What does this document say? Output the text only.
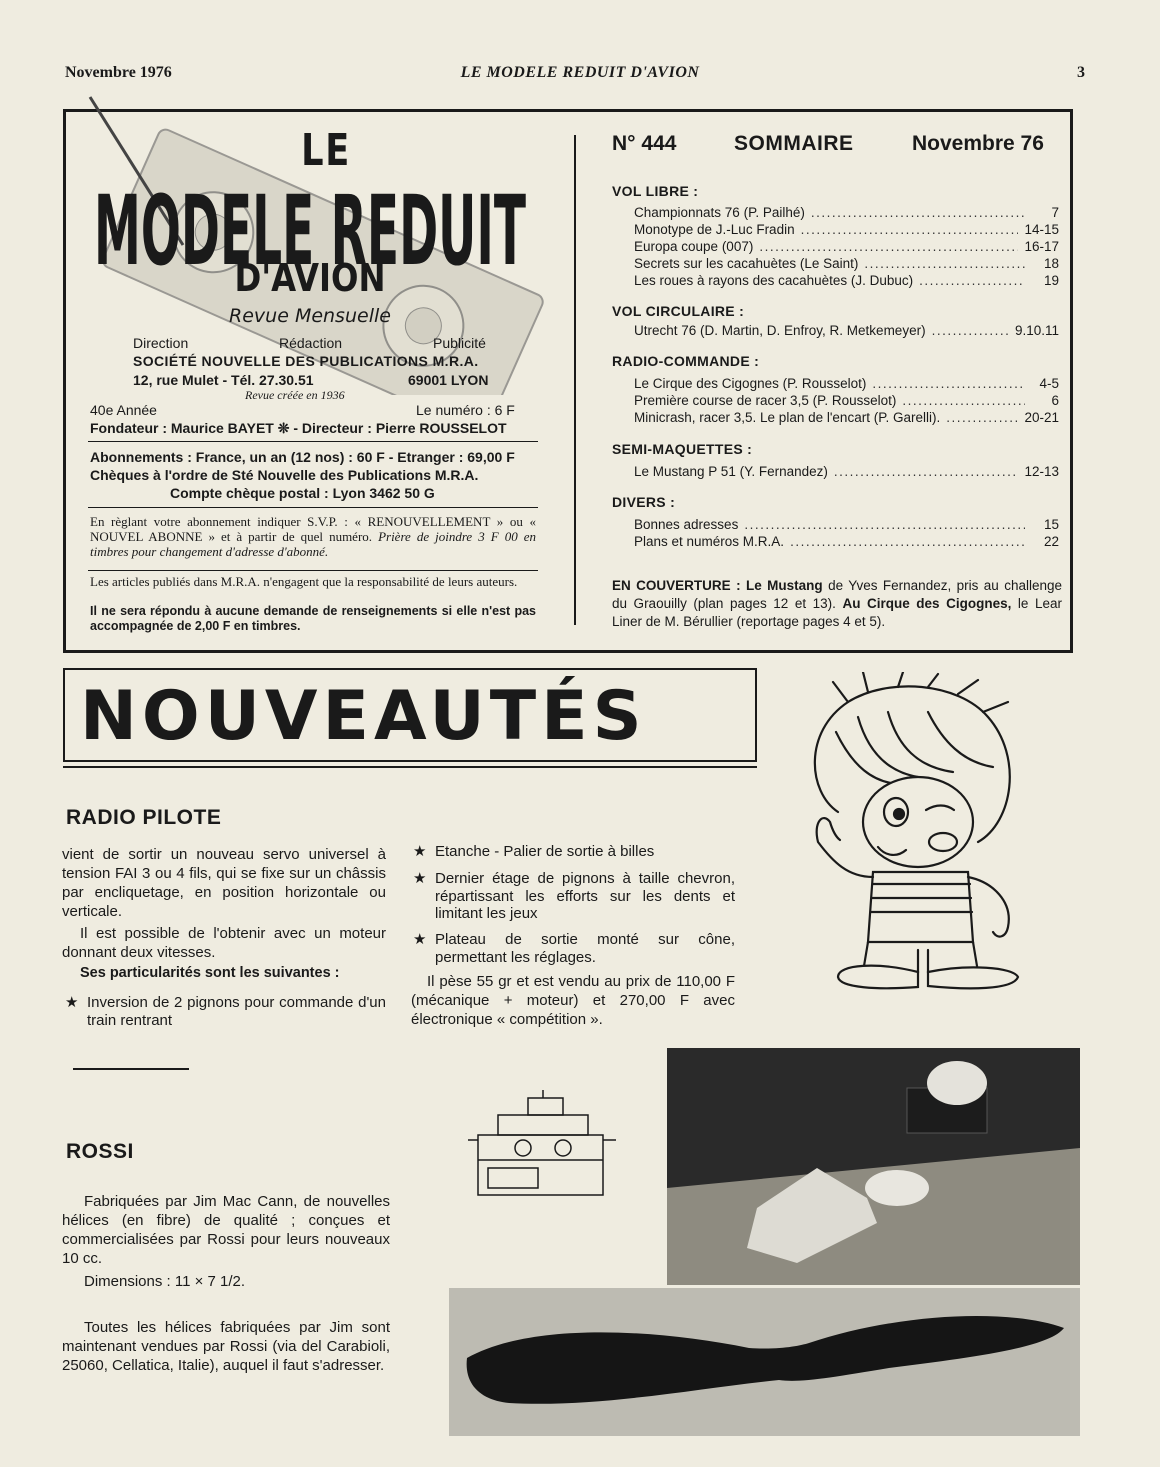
Novembre 1976	LE MODELE REDUIT D'AVION	3
LE
MODELE REDUIT
D'AVION
Revue Mensuelle
Direction	Rédaction	Publicité
SOCIÉTÉ NOUVELLE DES PUBLICATIONS M.R.A.
12, rue Mulet - Tél. 27.30.51	69001 LYON
Revue créée en 1936
40e Année	Le numéro : 6 F
Fondateur : Maurice BAYET ❊ - Directeur : Pierre ROUSSELOT
Abonnements : France, un an (12 nos) : 60 F - Etranger : 69,00 F
Chèques à l'ordre de Sté Nouvelle des Publications M.R.A.
Compte chèque postal : Lyon 3462 50 G
En règlant votre abonnement indiquer S.V.P. : « RENOUVELLEMENT » ou « NOUVEL ABONNE » et à partir de quel numéro. Prière de joindre 3 F 00 en timbres pour changement d'adresse d'abonné.
Les articles publiés dans M.R.A. n'engagent que la responsabilité de leurs auteurs.
Il ne sera répondu à aucune demande de renseignements si elle n'est pas accompagnée de 2,00 F en timbres.
N° 444	SOMMAIRE	Novembre 76
VOL LIBRE :
Championnats 76 (P. Pailhé) .....	7
Monotype de J.-Luc Fradin .....	14-15
Europa coupe (007) .....	16-17
Secrets sur les cacahuètes (Le Saint) .....	18
Les roues à rayons des cacahuètes (J. Dubuc) .....	19
VOL CIRCULAIRE :
Utrecht 76 (D. Martin, D. Enfroy, R. Metkemeyer) .....	9.10.11
RADIO-COMMANDE :
Le Cirque des Cigognes (P. Rousselot) .....	4-5
Première course de racer 3,5 (P. Rousselot) .....	6
Minicrash, racer 3,5. Le plan de l'encart (P. Garelli). .....	20-21
SEMI-MAQUETTES :
Le Mustang P 51 (Y. Fernandez) .....	12-13
DIVERS :
Bonnes adresses .....	15
Plans et numéros M.R.A. .....	22
EN COUVERTURE : Le Mustang de Yves Fernandez, pris au challenge du Graouilly (plan pages 12 et 13). Au Cirque des Cigognes, le Lear Liner de M. Bérullier (reportage pages 4 et 5).
NOUVEAUTÉS
RADIO PILOTE
vient de sortir un nouveau servo universel à tension FAI 3 ou 4 fils, qui se fixe sur un châssis par encliquetage, en position horizontale ou verticale.
Il est possible de l'obtenir avec un moteur donnant deux vitesses.
Ses particularités sont les suivantes :
★ Inversion de 2 pignons pour commande d'un train rentrant
★ Etanche - Palier de sortie à billes
★ Dernier étage de pignons à taille chevron, répartissant les efforts sur les dents et limitant les jeux
★ Plateau de sortie monté sur cône, permettant les réglages.
Il pèse 55 gr et est vendu au prix de 110,00 F (mécanique + moteur) et 270,00 F avec électronique « compétition ».
ROSSI
Fabriquées par Jim Mac Cann, de nouvelles hélices (en fibre) de qualité ; conçues et commercialisées par Rossi pour leurs nouveaux 10 cc.
Dimensions : 11 × 7 1/2.
Toutes les hélices fabriquées par Jim sont maintenant vendues par Rossi (via del Carabioli, 25060, Cellatica, Italie), auquel il faut s'adresser.
